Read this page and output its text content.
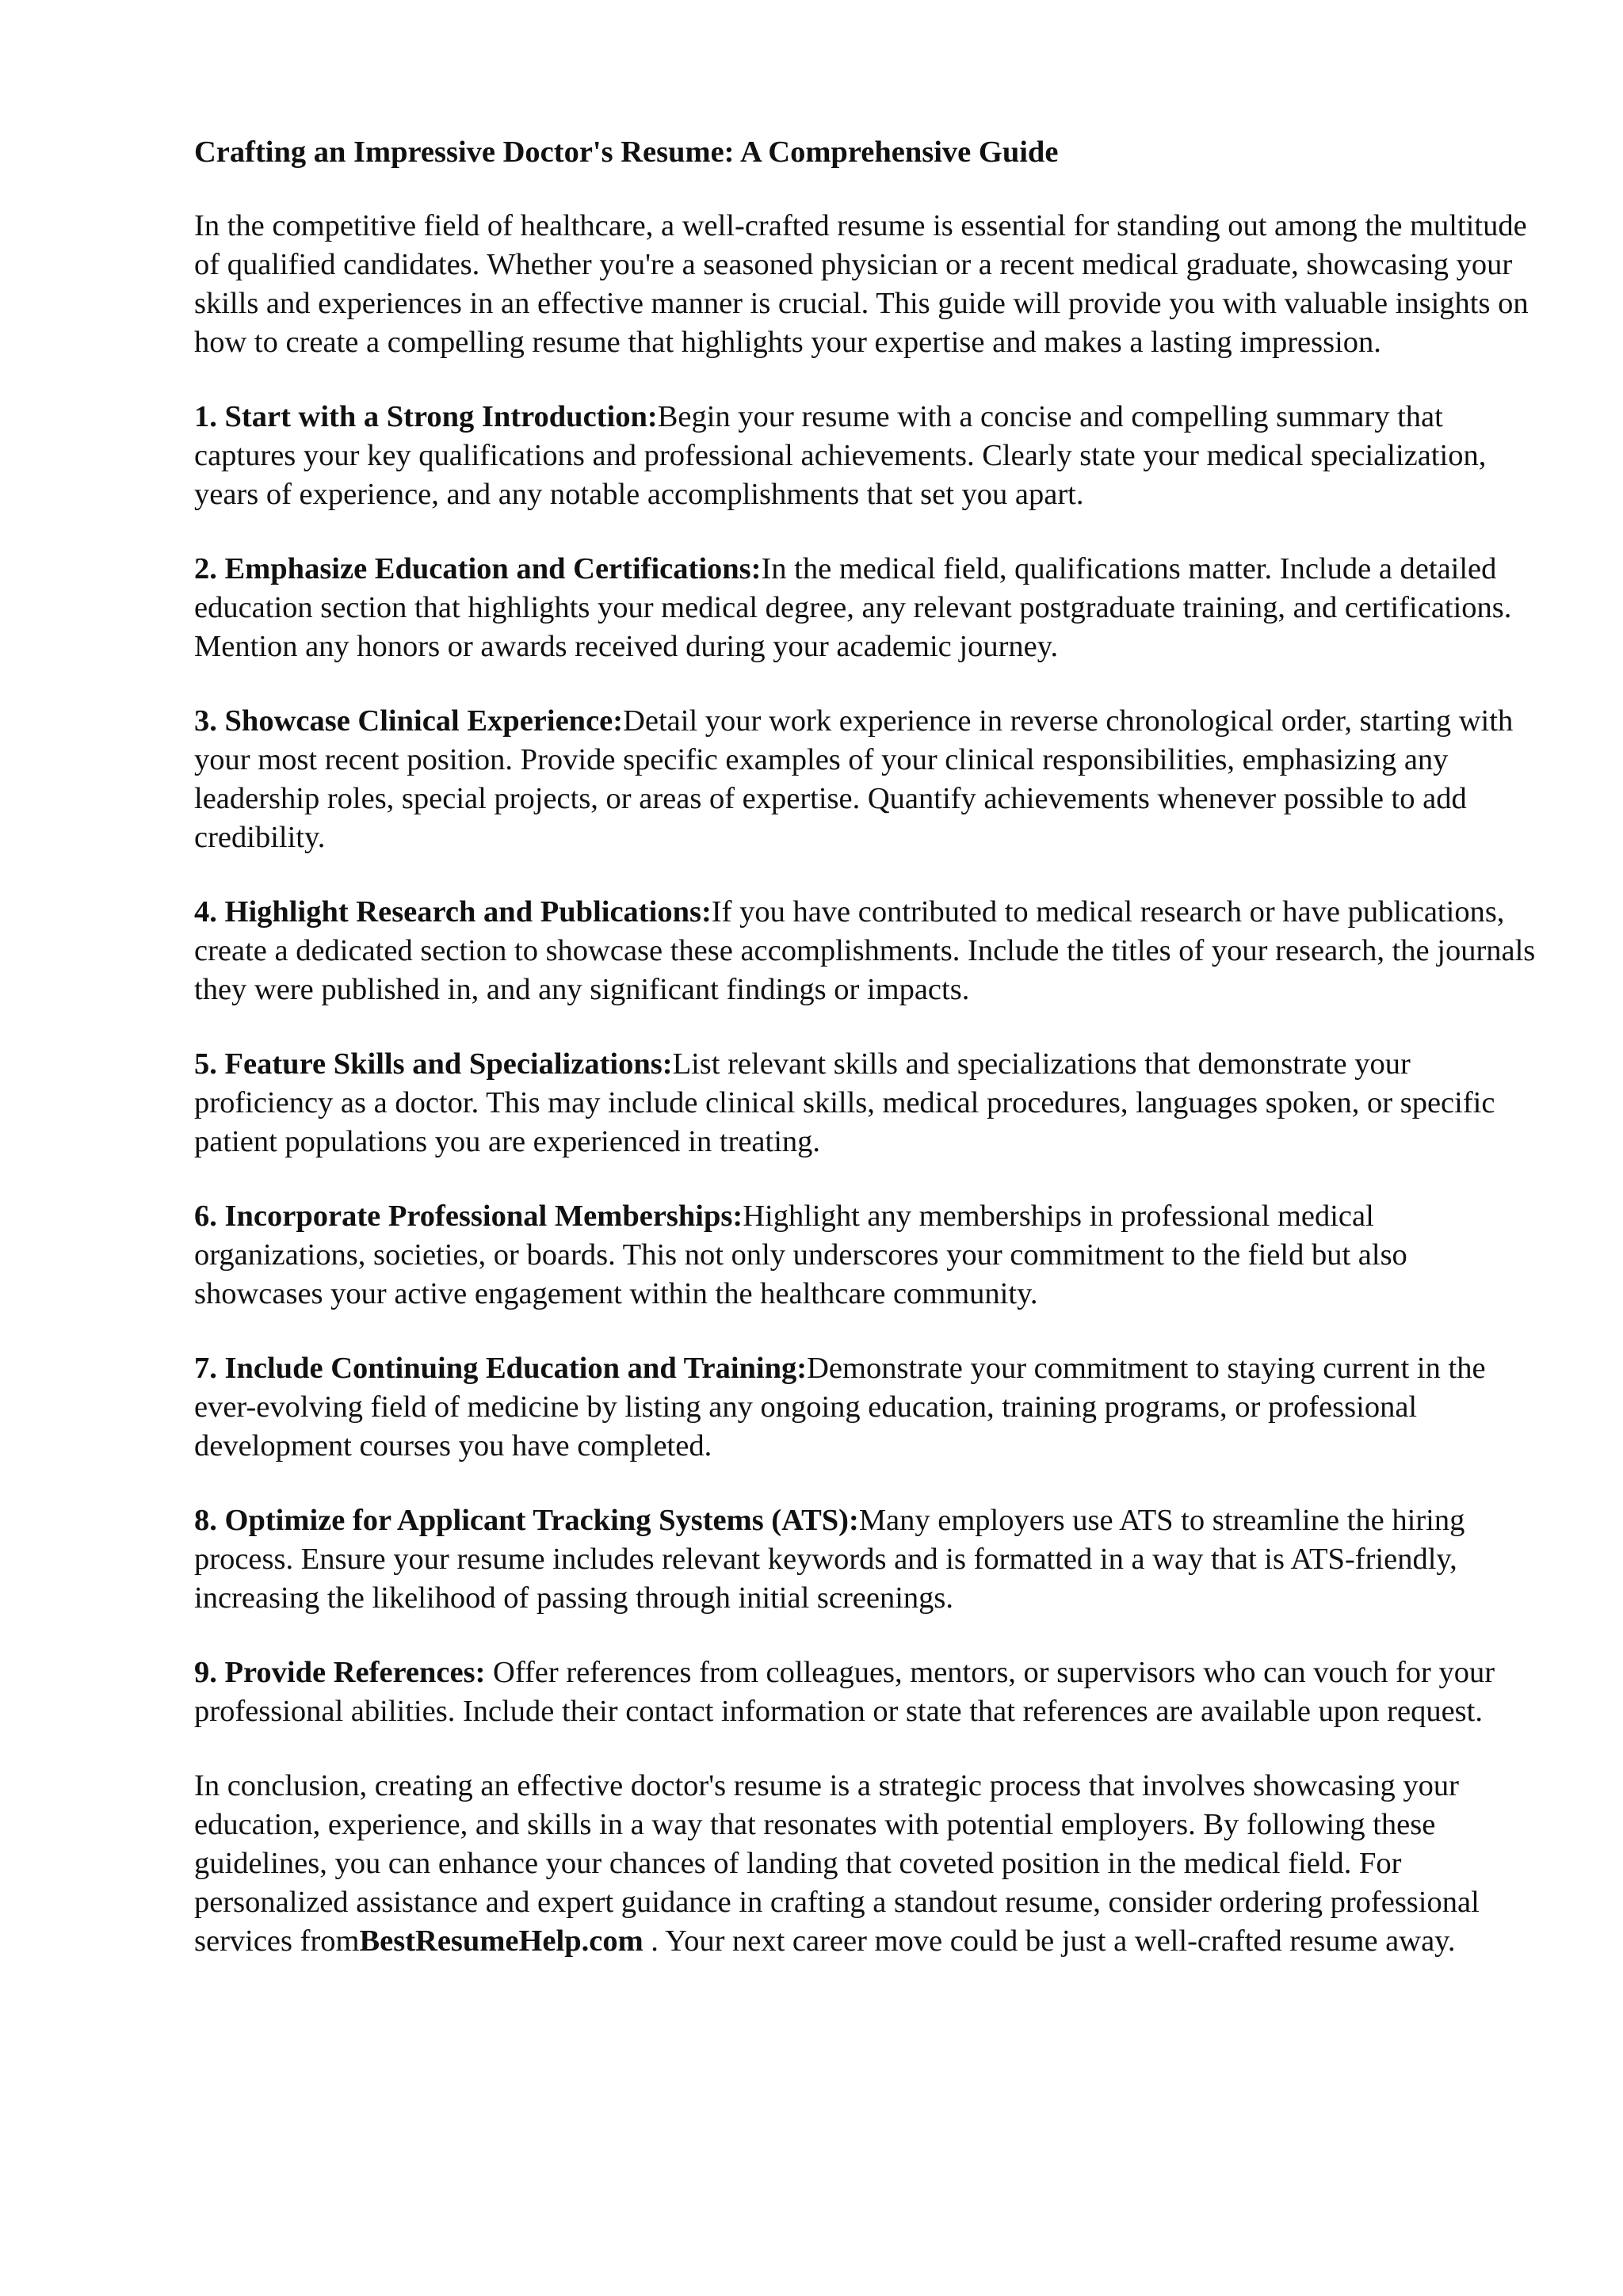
Crafting an Impressive Doctor's Resume: A Comprehensive Guide

In the competitive field of healthcare, a well-crafted resume is essential for standing out among the multitude of qualified candidates. Whether you're a seasoned physician or a recent medical graduate, showcasing your skills and experiences in an effective manner is crucial. This guide will provide you with valuable insights on how to create a compelling resume that highlights your expertise and makes a lasting impression.

1. Start with a Strong Introduction:Begin your resume with a concise and compelling summary that captures your key qualifications and professional achievements. Clearly state your medical specialization, years of experience, and any notable accomplishments that set you apart.

2. Emphasize Education and Certifications:In the medical field, qualifications matter. Include a detailed education section that highlights your medical degree, any relevant postgraduate training, and certifications. Mention any honors or awards received during your academic journey.

3. Showcase Clinical Experience:Detail your work experience in reverse chronological order, starting with your most recent position. Provide specific examples of your clinical responsibilities, emphasizing any leadership roles, special projects, or areas of expertise. Quantify achievements whenever possible to add credibility.

4. Highlight Research and Publications:If you have contributed to medical research or have publications, create a dedicated section to showcase these accomplishments. Include the titles of your research, the journals they were published in, and any significant findings or impacts.

5. Feature Skills and Specializations:List relevant skills and specializations that demonstrate your proficiency as a doctor. This may include clinical skills, medical procedures, languages spoken, or specific patient populations you are experienced in treating.

6. Incorporate Professional Memberships:Highlight any memberships in professional medical organizations, societies, or boards. This not only underscores your commitment to the field but also showcases your active engagement within the healthcare community.

7. Include Continuing Education and Training:Demonstrate your commitment to staying current in the ever-evolving field of medicine by listing any ongoing education, training programs, or professional development courses you have completed.

8. Optimize for Applicant Tracking Systems (ATS):Many employers use ATS to streamline the hiring process. Ensure your resume includes relevant keywords and is formatted in a way that is ATS-friendly, increasing the likelihood of passing through initial screenings.

9. Provide References: Offer references from colleagues, mentors, or supervisors who can vouch for your professional abilities. Include their contact information or state that references are available upon request.

In conclusion, creating an effective doctor's resume is a strategic process that involves showcasing your education, experience, and skills in a way that resonates with potential employers. By following these guidelines, you can enhance your chances of landing that coveted position in the medical field. For personalized assistance and expert guidance in crafting a standout resume, consider ordering professional services fromBestResumeHelp.com . Your next career move could be just a well-crafted resume away.
